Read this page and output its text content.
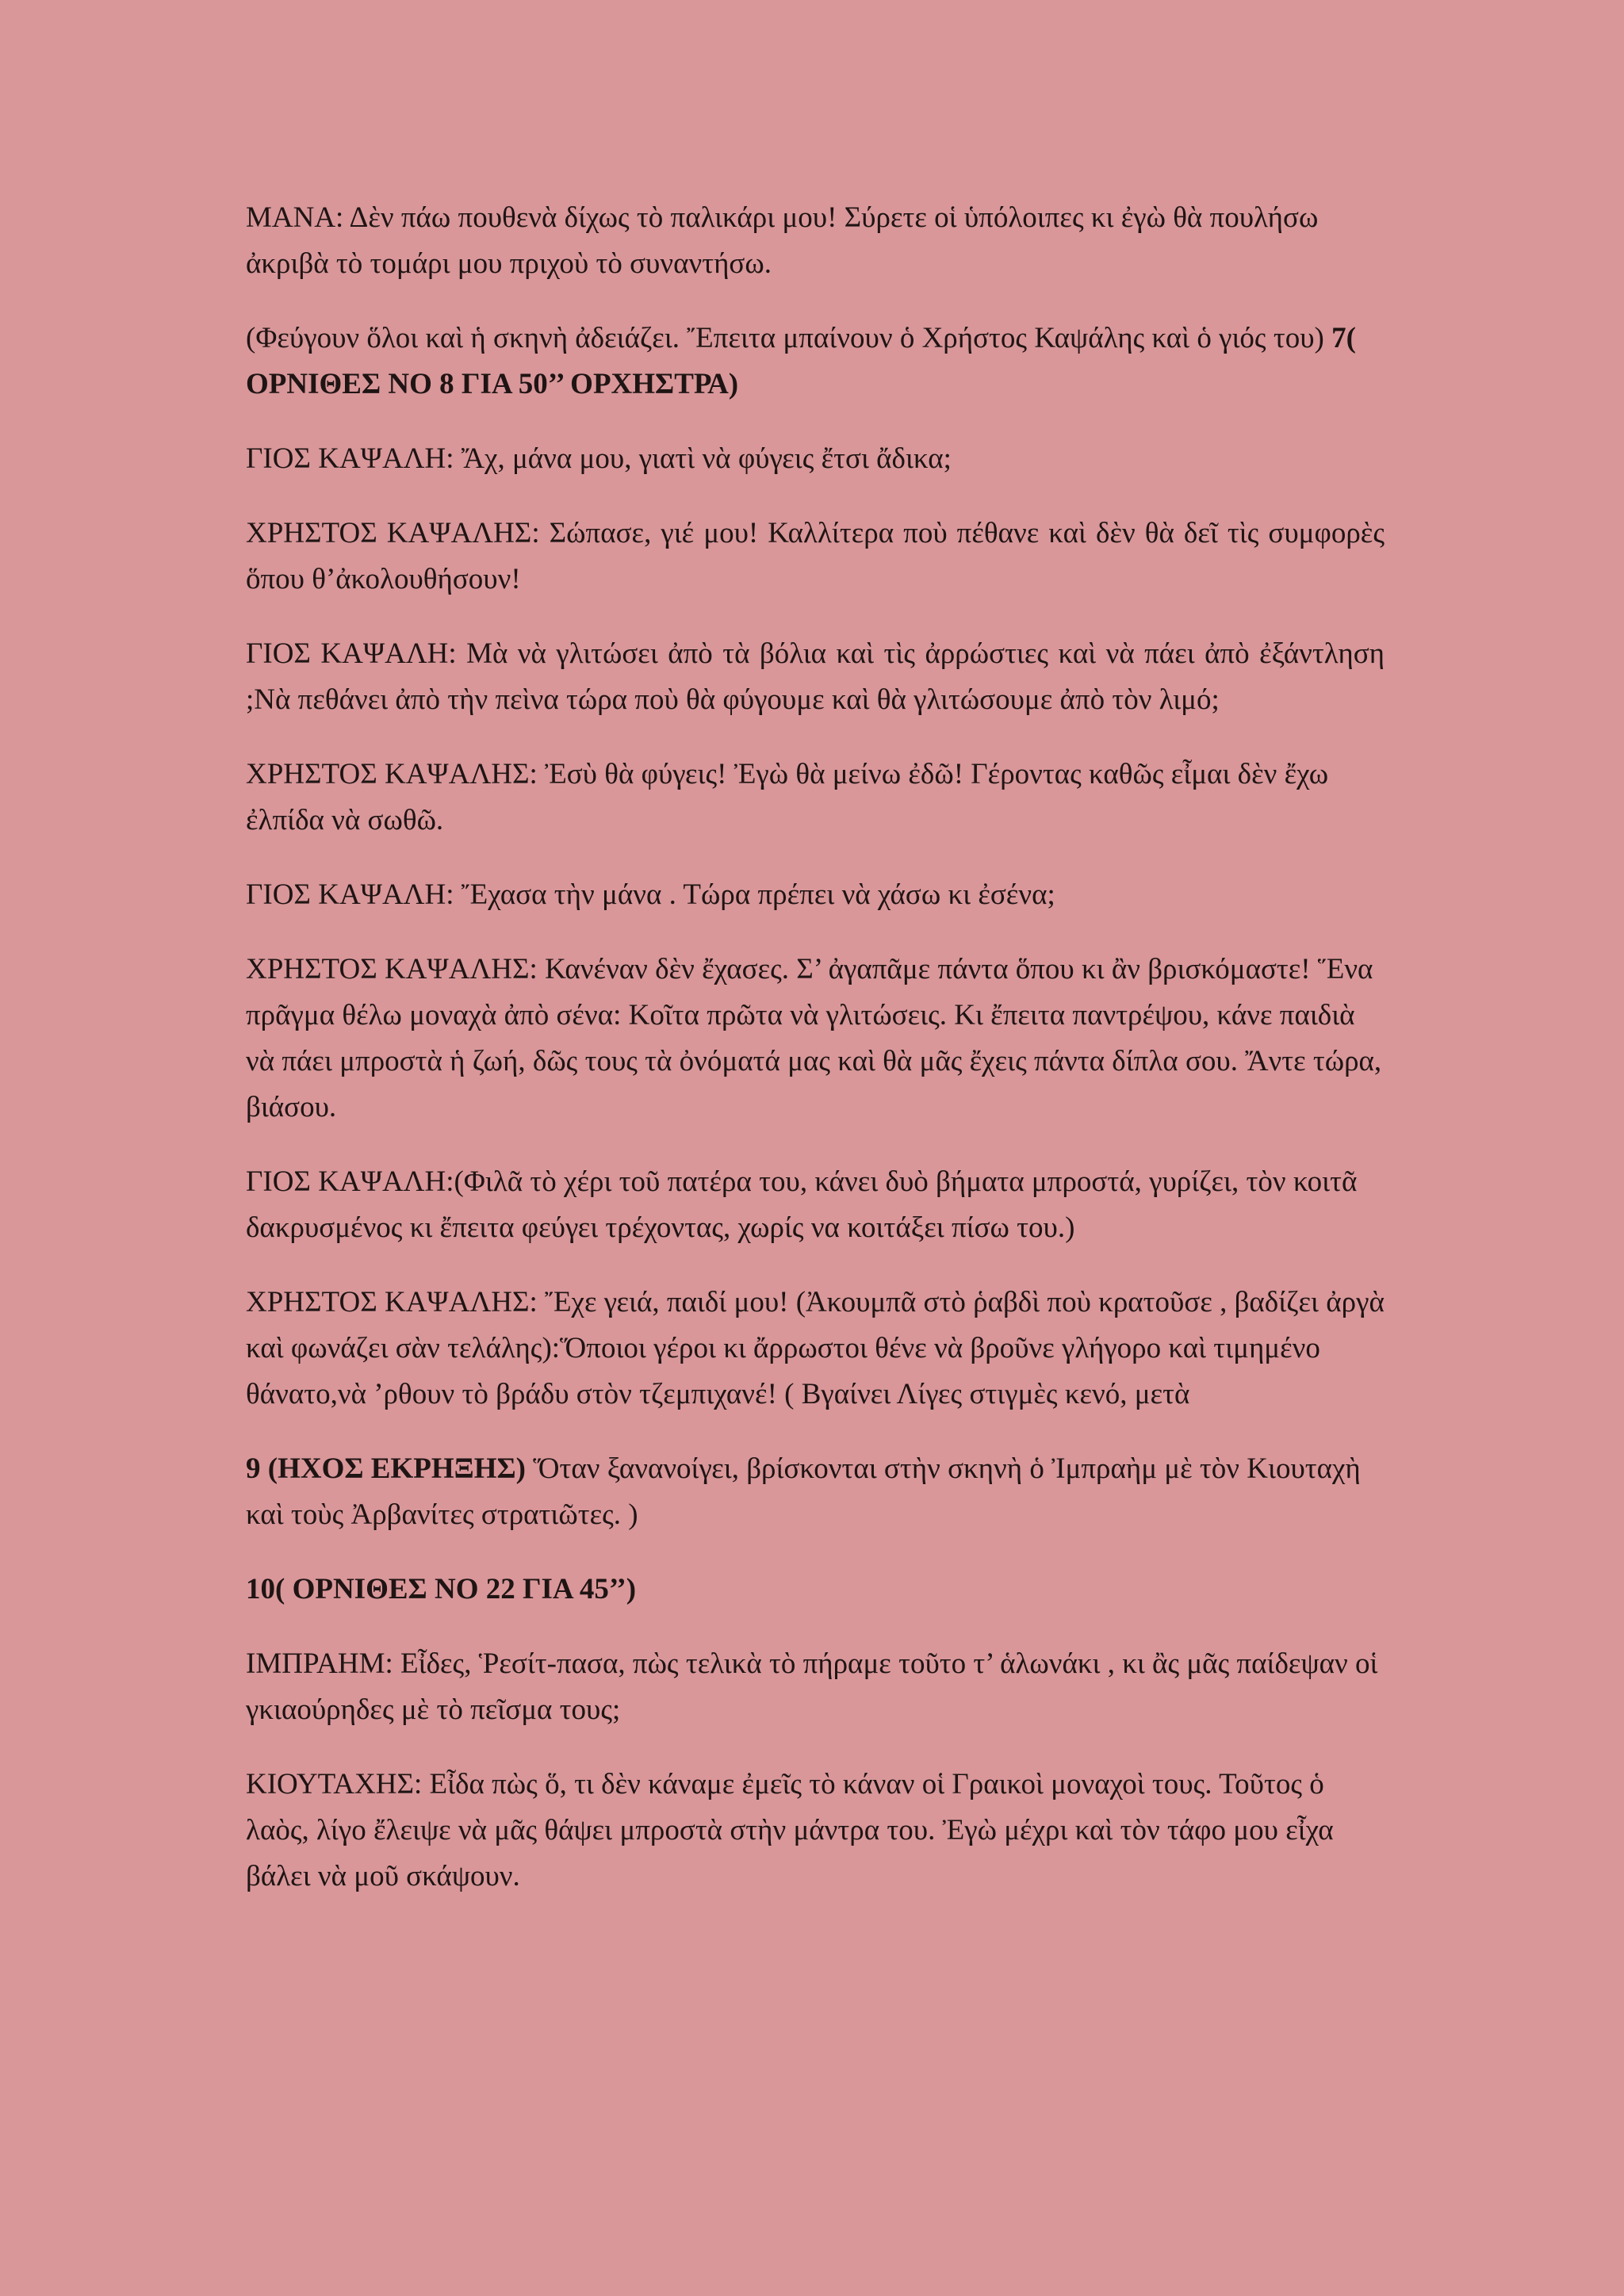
ΜΑΝΑ: Δὲν πάω πουθενὰ δίχως τὸ παλικάρι μου! Σύρετε οἱ ὑπόλοιπες κι ἐγὼ θὰ πουλήσω ἀκριβὰ τὸ τομάρι μου πριχοὺ τὸ συναντήσω.

(Φεύγουν ὅλοι καὶ ἡ σκηνὴ ἀδειάζει. Ἔπειτα μπαίνουν ὁ Χρήστος Καψάλης καὶ ὁ γιός του) 7( ΟΡΝΙΘΕΣ ΝΟ 8 ΓΙΑ 50’’ ΟΡΧΗΣΤΡΑ)

ΓΙΟΣ ΚΑΨΑΛΗ: Ἄχ, μάνα μου, γιατὶ νὰ φύγεις ἔτσι ἄδικα;

ΧΡΗΣΤΟΣ ΚΑΨΑΛΗΣ: Σώπασε, γιέ μου! Καλλίτερα ποὺ πέθανε καὶ δὲν θὰ δεῖ τὶς συμφορὲς ὅπου θ’ἀκολουθήσουν!

ΓΙΟΣ ΚΑΨΑΛΗ: Μὰ νὰ γλιτώσει ἀπὸ τὰ βόλια καὶ τὶς ἀρρώστιες καὶ νὰ πάει ἀπὸ ἐξάντληση ;Νὰ πεθάνει ἀπὸ τὴν πεὶνα τώρα ποὺ θὰ φύγουμε καὶ θὰ γλιτώσουμε ἀπὸ τὸν λιμό;

ΧΡΗΣΤΟΣ ΚΑΨΑΛΗΣ: Ἐσὺ θὰ φύγεις! Ἐγὼ θὰ μείνω ἐδῶ! Γέροντας καθῶς εἶμαι δὲν ἔχω ἐλπίδα νὰ σωθῶ.

ΓΙΟΣ ΚΑΨΑΛΗ: Ἔχασα τὴν μάνα . Τώρα πρέπει νὰ χάσω κι ἐσένα;

ΧΡΗΣΤΟΣ ΚΑΨΑΛΗΣ: Κανέναν δὲν ἔχασες. Σ’ ἀγαπᾶμε πάντα ὅπου κι ἂν βρισκόμαστε! Ἕνα πρᾶγμα θέλω μοναχὰ ἀπὸ σένα: Κοῖτα πρῶτα νὰ γλιτώσεις. Κι ἔπειτα παντρέψου, κάνε παιδιὰ νὰ πάει μπροστὰ ἡ ζωή, δῶς τους τὰ ὀνόματά μας καὶ θὰ μᾶς ἔχεις πάντα δίπλα σου. Ἄντε τώρα, βιάσου.

ΓΙΟΣ ΚΑΨΑΛΗ:(Φιλᾶ τὸ χέρι τοῦ πατέρα του, κάνει δυὸ βήματα μπροστά, γυρίζει, τὸν κοιτᾶ δακρυσμένος κι ἔπειτα φεύγει τρέχοντας, χωρίς να κοιτάξει πίσω του.)

ΧΡΗΣΤΟΣ ΚΑΨΑΛΗΣ: Ἔχε γειά, παιδί μου! (Ἀκουμπᾶ στὸ ῥαβδὶ ποὺ κρατοῦσε , βαδίζει ἀργὰ καὶ φωνάζει σὰν τελάλης):Ὅποιοι γέροι κι ἄρρωστοι θένε νὰ βροῦνε γλήγορο καὶ τιμημένο θάνατο,νὰ ’ρθουν τὸ βράδυ στὸν τζεμπιχανέ! ( Βγαίνει Λίγες στιγμὲς κενό, μετὰ

9 (ΗΧΟΣ ΕΚΡΗΞΗΣ) Ὅταν ξανανοίγει, βρίσκονται στὴν σκηνὴ ὁ Ἰμπραὴμ μὲ τὸν Κιουταχὴ καὶ τοὺς Ἀρβανίτες στρατιῶτες. )

10( ΟΡΝΙΘΕΣ ΝΟ 22 ΓΙΑ 45’’)

ΙΜΠΡΑΗΜ: Εἶδες, Ῥεσίτ-πασα, πὼς τελικὰ τὸ πήραμε τοῦτο τ’ ἁλωνάκι , κι ἂς μᾶς παίδεψαν οἱ γκιαούρηδες μὲ τὸ πεῖσμα τους;

ΚΙΟΥΤΑΧΗΣ: Εἶδα πὼς ὅ, τι δὲν κάναμε ἐμεῖς τὸ κάναν οἱ Γραικοὶ μοναχοὶ τους. Τοῦτος ὁ λαὸς, λίγο ἔλειψε νὰ μᾶς θάψει μπροστὰ στὴν μάντρα του. Ἐγὼ μέχρι καὶ τὸν τάφο μου εἶχα βάλει νὰ μοῦ σκάψουν.
